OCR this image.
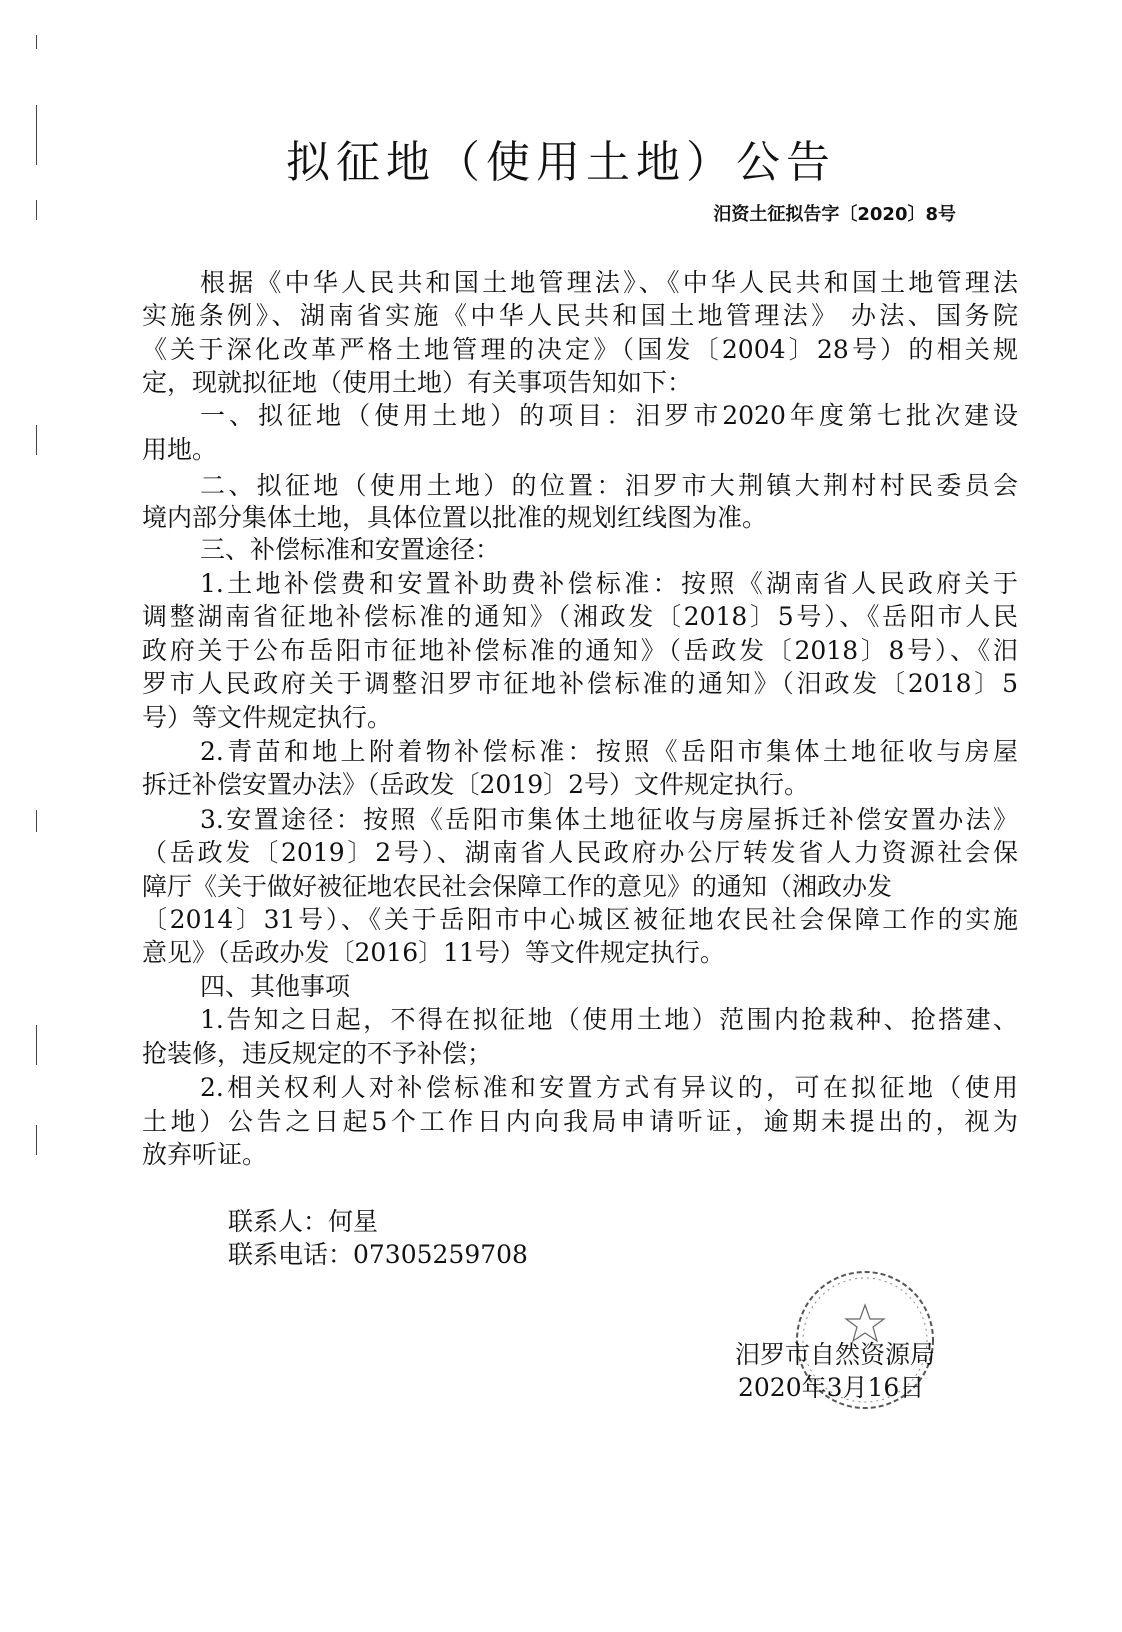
拟征地（使用土地）公告
汨资土征拟告字〔2020〕8号
根据《中华人民共和国土地管理法》、《中华人民共和国土地管理法
实施条例》、湖南省实施《中华人民共和国土地管理法》 办法、国务院
《关于深化改革严格土地管理的决定》（国发〔2004〕28号）的相关规
定，现就拟征地（使用土地）有关事项告知如下：
一、拟征地（使用土地）的项目：汨罗市2020年度第七批次建设
用地。
二、拟征地（使用土地）的位置：汨罗市大荆镇大荆村村民委员会
境内部分集体土地，具体位置以批准的规划红线图为准。
三、补偿标准和安置途径：
1.土地补偿费和安置补助费补偿标准：按照《湖南省人民政府关于
调整湖南省征地补偿标准的通知》（湘政发〔2018〕5号）、《岳阳市人民
政府关于公布岳阳市征地补偿标准的通知》（岳政发〔2018〕8号）、《汨
罗市人民政府关于调整汨罗市征地补偿标准的通知》（汨政发〔2018〕5
号）等文件规定执行。
2.青苗和地上附着物补偿标准：按照《岳阳市集体土地征收与房屋
拆迁补偿安置办法》（岳政发〔2019〕2号）文件规定执行。
3.安置途径：按照《岳阳市集体土地征收与房屋拆迁补偿安置办法》
（岳政发〔2019〕2号）、湖南省人民政府办公厅转发省人力资源社会保
障厅《关于做好被征地农民社会保障工作的意见》的通知（湘政办发
〔2014〕31号）、《关于岳阳市中心城区被征地农民社会保障工作的实施
意见》（岳政办发〔2016〕11号）等文件规定执行。
四、其他事项
1.告知之日起，不得在拟征地（使用土地）范围内抢栽种、抢搭建、
抢装修，违反规定的不予补偿；
2.相关权利人对补偿标准和安置方式有异议的，可在拟征地（使用
土地）公告之日起5个工作日内向我局申请听证，逾期未提出的，视为
放弃听证。
联系人：何星
联系电话：07305259708
汨罗市自然资源局
2020年3月16日
